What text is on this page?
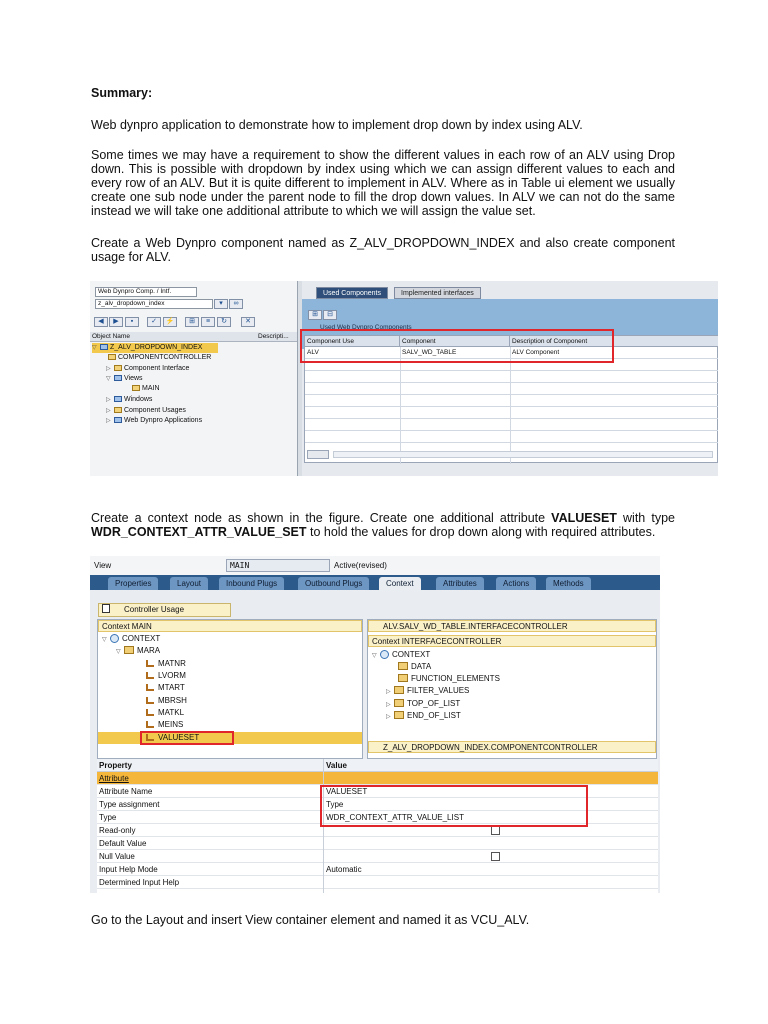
Summary:
Web dynpro application to demonstrate how to implement drop down by index using ALV.
Some times we may have a requirement to show the different values in each row of an ALV using Drop down. This is possible with dropdown by index using which we can assign different values to each and every row of an ALV. But it is quite different to implement in ALV. Where as in Table ui element we usually create one sub node under the parent node to fill the drop down values. In ALV we can not do the same instead we will take one additional attribute to which we will assign the value set.
Create a Web Dynpro component named as Z_ALV_DROPDOWN_INDEX and also create component usage for ALV.
Web Dynpro Comp. / Intf.
z_alv_dropdown_index	▾	∞
◀	▶	▪	✓	⚡	⊞	≡	↻	✕
Object Name	Descripti...
▽ Z_ALV_DROPDOWN_INDEX
COMPONENTCONTROLLER
▷ Component Interface
▽ Views
MAIN
▷ Windows
▷ Component Usages
▷ Web Dynpro Applications
Used Components	Implemented interfaces
⊞	⊟
Used Web Dynpro Components
Component Use	Component	Description of Component
ALV	SALV_WD_TABLE	ALV Component
Create a context node as shown in the figure. Create one additional attribute VALUESET with type WDR_CONTEXT_ATTR_VALUE_SET to hold the values for drop down along with required attributes.
View	MAIN	Active(revised)
Properties	Layout	Inbound Plugs	Outbound Plugs	Context	Attributes	Actions	Methods
Controller Usage
Context MAIN
▽ CONTEXT
▽ MARA
MATNR
LVORM
MTART
MBRSH
MATKL
MEINS
VALUESET
ALV.SALV_WD_TABLE.INTERFACECONTROLLER
Context INTERFACECONTROLLER
▽ CONTEXT
DATA
FUNCTION_ELEMENTS
▷ FILTER_VALUES
▷ TOP_OF_LIST
▷ END_OF_LIST
Z_ALV_DROPDOWN_INDEX.COMPONENTCONTROLLER
Property	Value
Attribute
Attribute Name	VALUESET
Type assignment	Type
Type	WDR_CONTEXT_ATTR_VALUE_LIST
Read-only
Default Value
Null Value
Input Help Mode	Automatic
Determined Input Help
Go to the Layout and insert View container element and named it as VCU_ALV.
